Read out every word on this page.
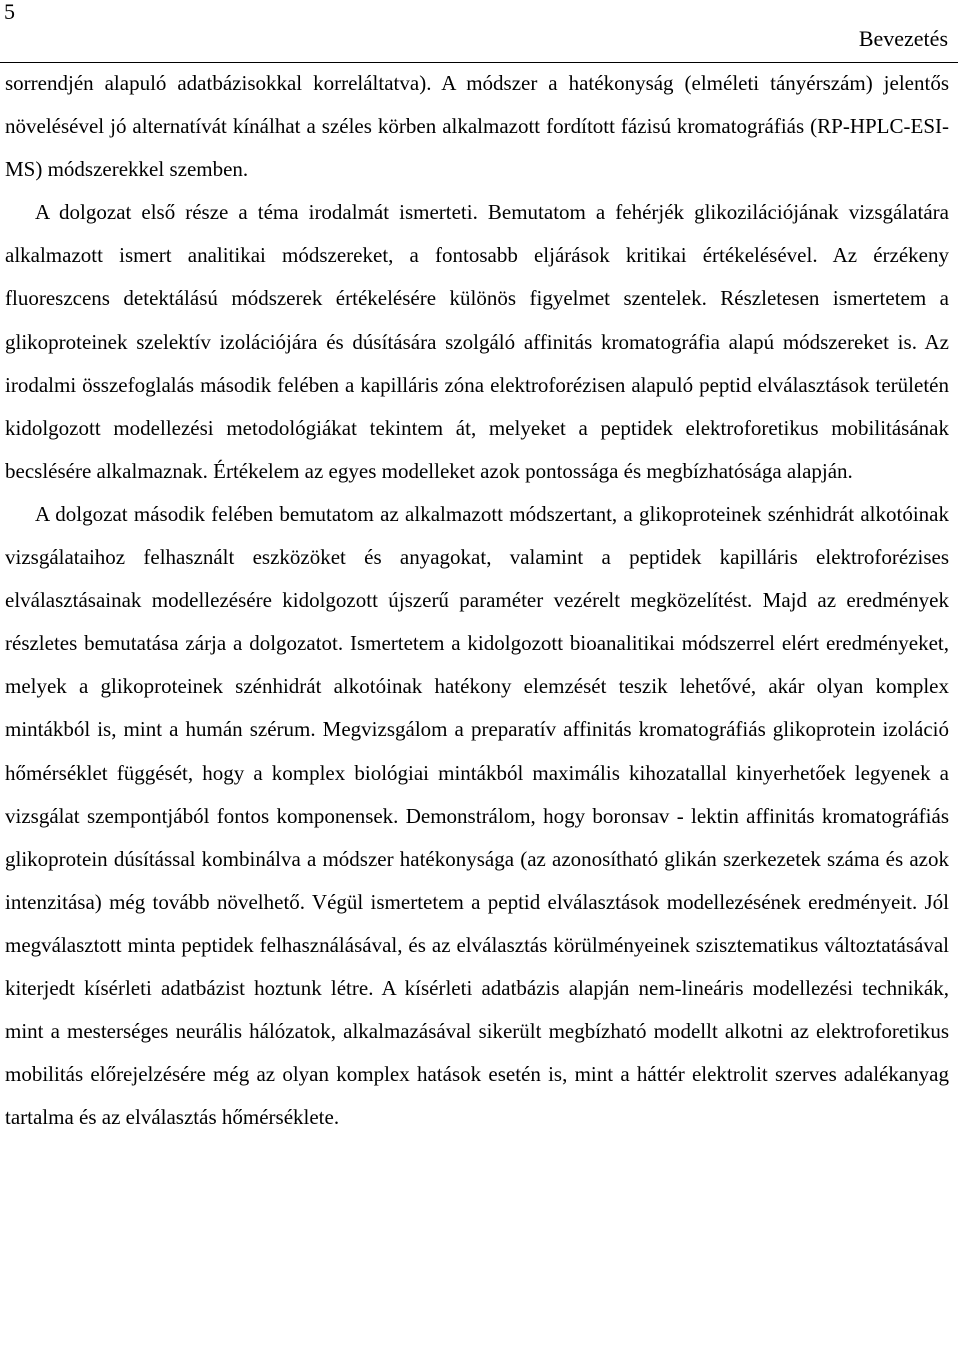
5
Bevezetés

sorrendjén alapuló adatbázisokkal korreláltatva). A módszer a hatékonyság (elméleti tányérszám) jelentős növelésével jó alternatívát kínálhat a széles körben alkalmazott fordított fázisú kromatográfiás (RP-HPLC-ESI-MS) módszerekkel szemben.

A dolgozat első része a téma irodalmát ismerteti. Bemutatom a fehérjék glikozilációjának vizsgálatára alkalmazott ismert analitikai módszereket, a fontosabb eljárások kritikai értékelésével. Az érzékeny fluoreszcens detektálású módszerek értékelésére különös figyelmet szentelek. Részletesen ismertetem a glikoproteinek szelektív izolációjára és dúsítására szolgáló affinitás kromatográfia alapú módszereket is. Az irodalmi összefoglalás második felében a kapilláris zóna elektroforézisen alapuló peptid elválasztások területén kidolgozott modellezési metodológiákat tekintem át, melyeket a peptidek elektroforetikus mobilitásának becslésére alkalmaznak. Értékelem az egyes modelleket azok pontossága és megbízhatósága alapján.

A dolgozat második felében bemutatom az alkalmazott módszertant, a glikoproteinek szénhidrát alkotóinak vizsgálataihoz felhasznált eszközöket és anyagokat, valamint a peptidek kapilláris elektroforézises elválasztásainak modellezésére kidolgozott újszerű paraméter vezérelt megközelítést. Majd az eredmények részletes bemutatása zárja a dolgozatot. Ismertetem a kidolgozott bioanalitikai módszerrel elért eredményeket, melyek a glikoproteinek szénhidrát alkotóinak hatékony elemzését teszik lehetővé, akár olyan komplex mintákból is, mint a humán szérum. Megvizsgálom a preparatív affinitás kromatográfiás glikoprotein izoláció hőmérséklet függését, hogy a komplex biológiai mintákból maximális kihozatallal kinyerhetőek legyenek a vizsgálat szempontjából fontos komponensek. Demonstrálom, hogy boronsav - lektin affinitás kromatográfiás glikoprotein dúsítással kombinálva a módszer hatékonysága (az azonosítható glikán szerkezetek száma és azok intenzitása) még tovább növelhető. Végül ismertetem a peptid elválasztások modellezésének eredményeit. Jól megválasztott minta peptidek felhasználásával, és az elválasztás körülményeinek szisztematikus változtatásával kiterjedt kísérleti adatbázist hoztunk létre. A kísérleti adatbázis alapján nem-lineáris modellezési technikák, mint a mesterséges neurális hálózatok, alkalmazásával sikerült megbízható modellt alkotni az elektroforetikus mobilitás előrejelzésére még az olyan komplex hatások esetén is, mint a háttér elektrolit szerves adalékanyag tartalma és az elválasztás hőmérséklete.
